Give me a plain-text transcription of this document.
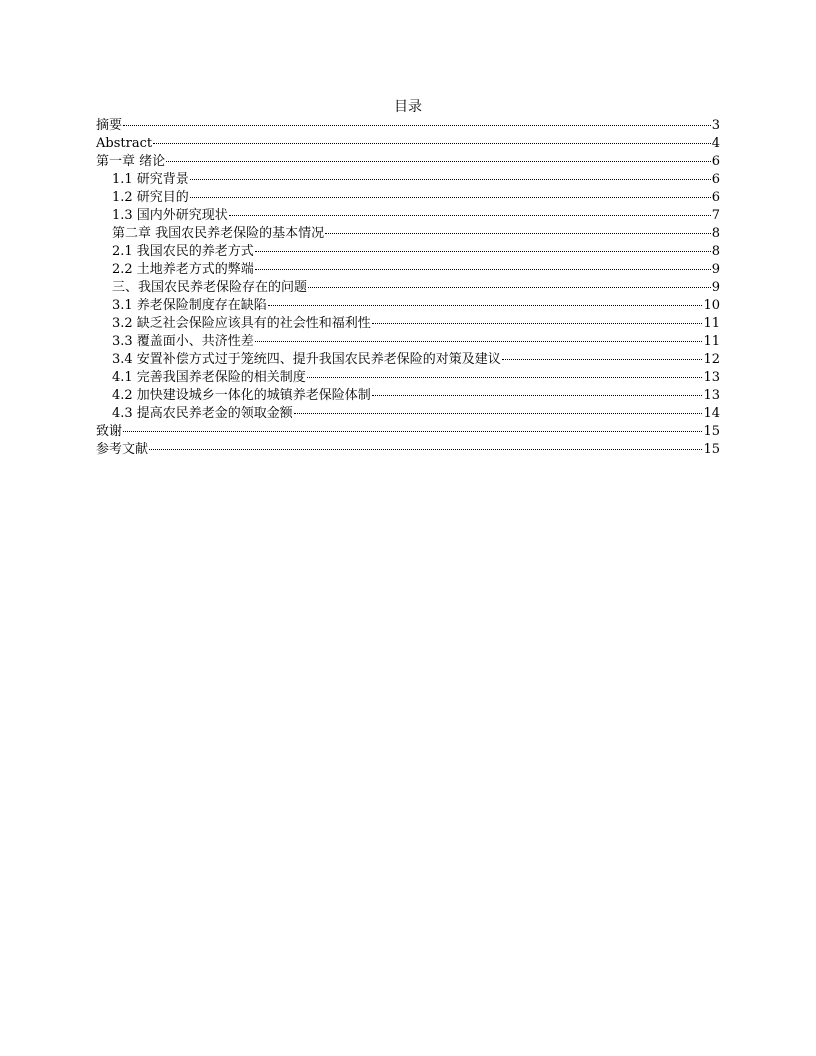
目录
摘要	3
Abstract	4
第一章 绪论	6
1.1 研究背景	6
1.2 研究目的	6
1.3 国内外研究现状	7
第二章 我国农民养老保险的基本情况	8
2.1 我国农民的养老方式	8
2.2 土地养老方式的弊端	9
三、我国农民养老保险存在的问题	9
3.1 养老保险制度存在缺陷	10
3.2 缺乏社会保险应该具有的社会性和福利性	11
3.3 覆盖面小、共济性差	11
3.4 安置补偿方式过于笼统四、提升我国农民养老保险的对策及建议	12
4.1 完善我国养老保险的相关制度	13
4.2 加快建设城乡一体化的城镇养老保险体制	13
4.3 提高农民养老金的领取金额	14
致谢	15
参考文献	15
